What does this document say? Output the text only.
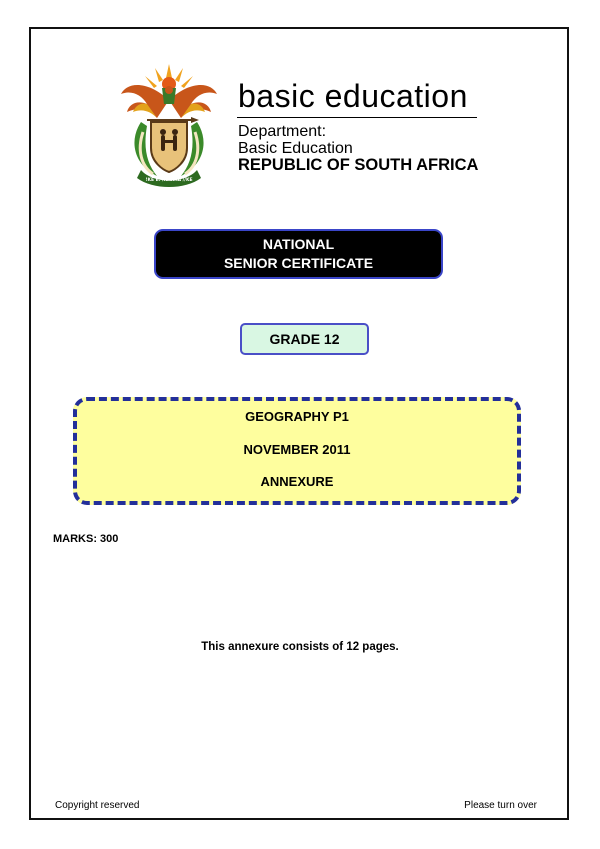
!KE E: /XARRA //KE
basic education
Department:
Basic Education
REPUBLIC OF SOUTH AFRICA
NATIONAL
SENIOR CERTIFICATE
GRADE 12
GEOGRAPHY P1
NOVEMBER 2011
ANNEXURE
MARKS: 300
This annexure consists of 12 pages.
Copyright reserved	Please turn over
